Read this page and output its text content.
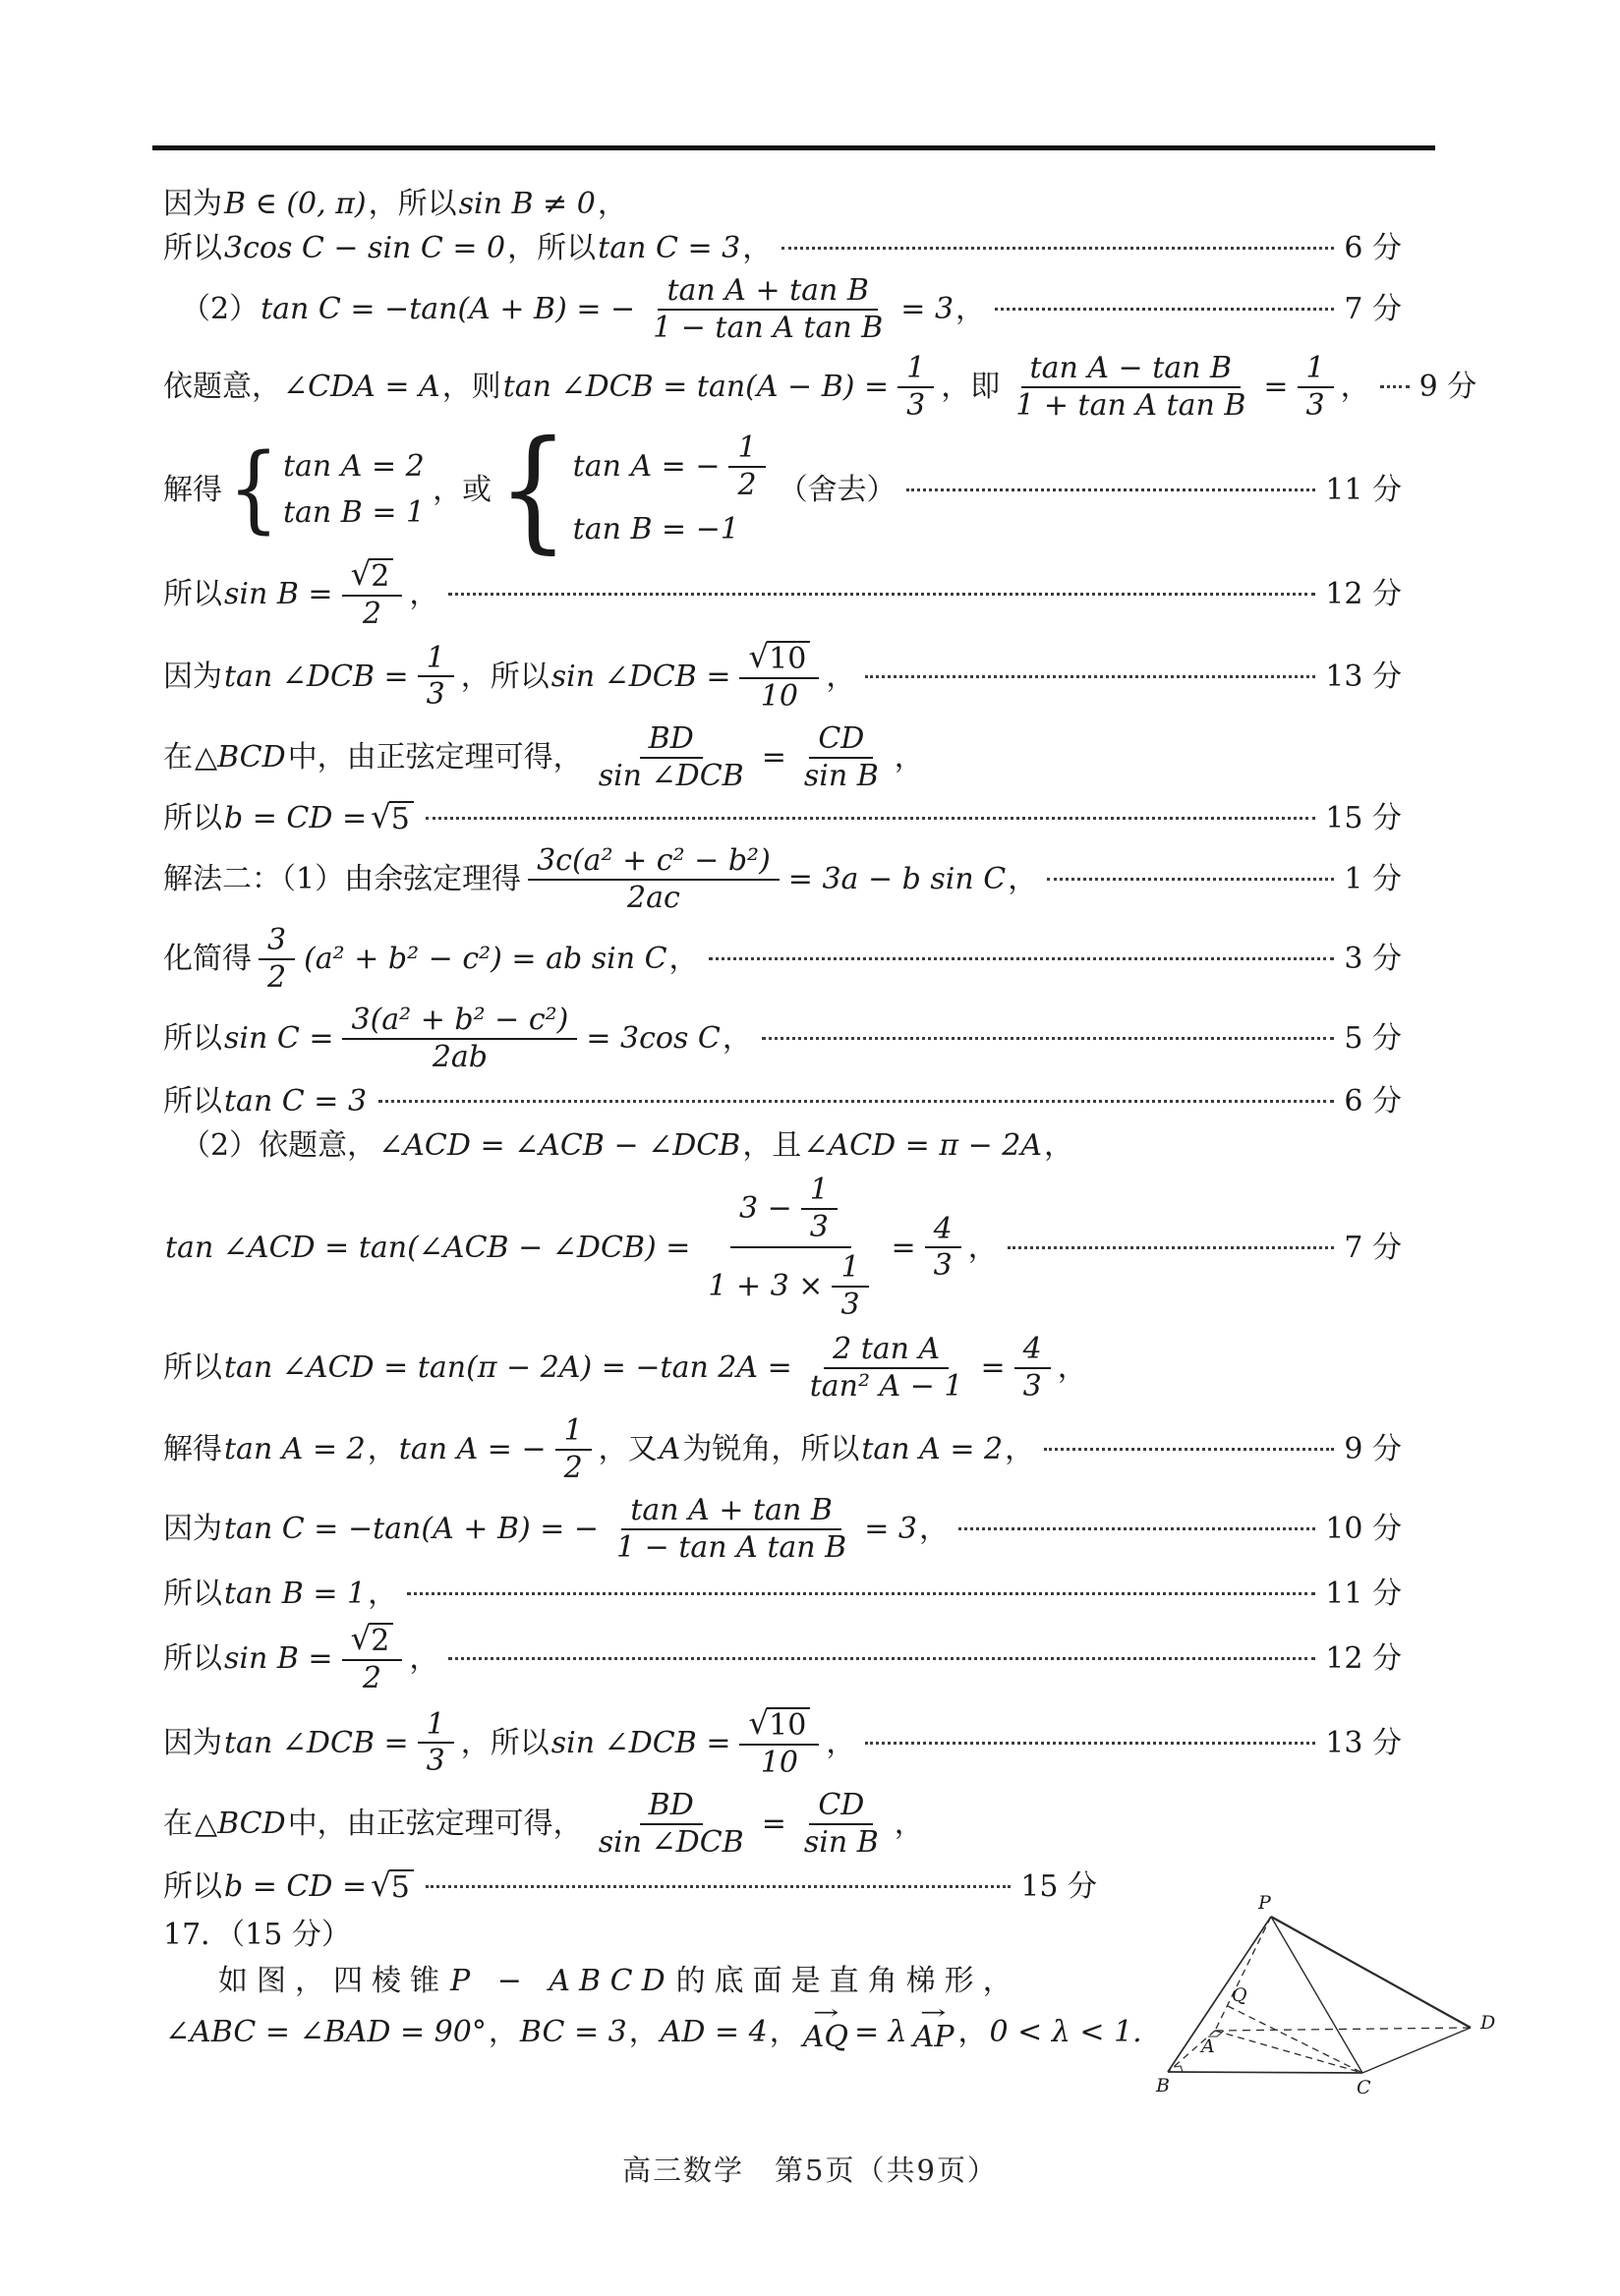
因为 B ∈ (0, π) ，所以 sin B ≠ 0 ，
所以 3cos C − sin C = 0 ，所以 tan C = 3 ，	6 分
（2） tan C = −tan(A + B) = − $\frac{\text{tan A + tan B}}{\text{1 − tan A tan B}} = 3$ ，	7 分
依题意， ∠CDA = A ，则 tan ∠DCB = $\tan(A - B) = \frac{1}{3}$ ，即 $\frac{\text{tan A − tan B}}{\text{1 + tan A tan B}} = \frac{1}{3}$ ， 9 分
解得 { tan A = 2
tan B = 1
，或 { tan A = − $\frac{1}{2}$
tan B = −1
（舍去）	11 分
所以 $\sin B = \frac{√ 2}{2}$ ，	12 分
因为 tan ∠DCB = $\frac{1}{3}$ ，所以 sin ∠DCB = $\frac{√ 10}{10}$ ，	13 分
在 △BCD 中，由正弦定理可得， $\frac{BD}{\text{sin ∠DCB}} = \frac{CD}{\text{sin B}}$ ，
所以 b = CD = √ 5	15 分
解法二：（1）由余弦定理得 $\frac{\text{3c(a² + c² − b²)}}{2ac} = 3a - b$ sin C ，	1 分
化简得 $\frac{3}{2} (a^2 + b^2 - c^2)$ = ab sin C ，	3 分
所以 $\sin C = \frac{\text{3(a² + b² − c²)}}{2ab} = 3\cos$ C ，	5 分
所以 tan C = 3	6 分
（2）依题意， ∠ACD = ∠ACB − ∠DCB ，且 ∠ACD = π − 2A ，
tan ∠ACD = tan(∠ACB − ∠DCB) = $\frac{3 - \frac{1}{3}}{1 + 3 \times \frac{1}{3}} = \frac{4}{3}$ ，	7 分
所以 tan ∠ACD = tan(π − 2A) = −tan $2A = \frac{\text{2 tan A}}{\text{tan² A − 1}} = \frac{4}{3}$ ，
解得 tan A = 2 ， tan A = − $\frac{1}{2}$ ，又 A 为锐角，所以 tan A = 2 ，	9 分
因为 tan C = −tan(A + B) = − $\frac{\text{tan A + tan B}}{\text{1 − tan A tan B}} = 3$ ，	10 分
所以 tan B = 1 ，	11 分
所以 $\sin B = \frac{√ 2}{2}$ ，	12 分
因为 tan ∠DCB = $\frac{1}{3}$ ，所以 sin ∠DCB = $\frac{√ 10}{10}$ ，	13 分
在 △BCD 中，由正弦定理可得， $\frac{BD}{\text{sin ∠DCB}} = \frac{CD}{\text{sin B}}$ ，
所以 b = CD = √ 5	15 分
17．（15 分）
如图，四棱锥 P − ABCD 的底面是直角梯形，
∠ABC = ∠BAD = 90° ， BC = 3 ， AD = 4 ，
→
AQ = λ
→
AP ， 0 < λ < 1.
P
Q
A
B	C
D
高三数学　第5页（共9页）
